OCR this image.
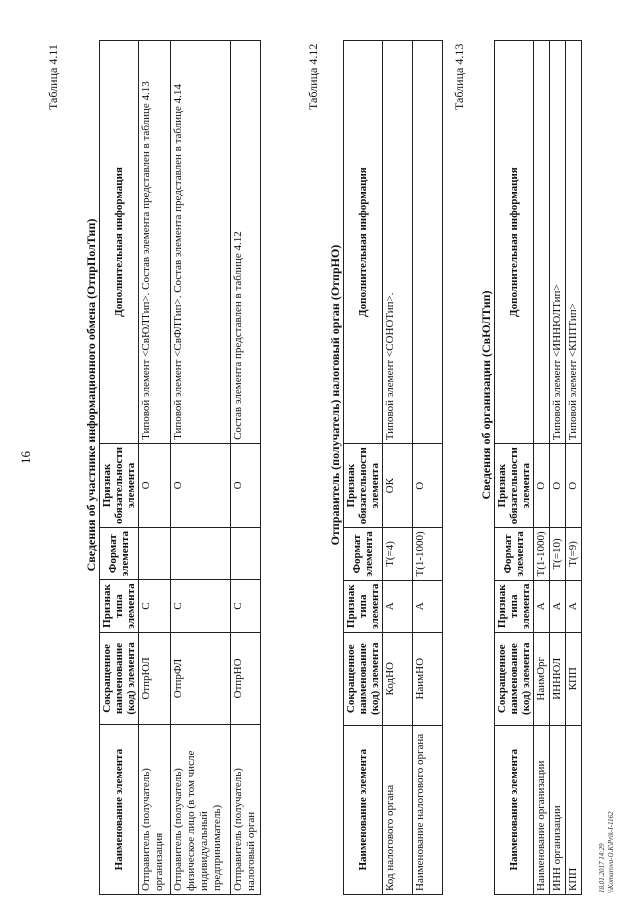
16
Таблица 4.11
Сведения об участнике информационного обмена (ОтпрПолТип)
Наименование элемента	Сокращенное наименование (код) элемента	Признак типа элемента	Формат элемента	Признак обязательности элемента	Дополнительная информация
Отправитель (получатель) организация	ОтпрЮЛ	С		О	Типовой элемент <СвЮЛТип>. Состав элемента представлен в таблице 4.13
Отправитель (получатель) физическое лицо (в том числе индивидуальный предприниматель)	ОтпрФЛ	С		О	Типовой элемент <СвФЛТип>. Состав элемента представлен в таблице 4.14
Отправитель (получатель) налоговый орган	ОтпрНО	С		О	Состав элемента представлен в таблице 4.12
Таблица 4.12
Отправитель (получатель) налоговый орган (ОтпрНО)
Наименование элемента	Сокращенное наименование (код) элемента	Признак типа элемента	Формат элемента	Признак обязательности элемента	Дополнительная информация
Код налогового органа	КодНО	А	Т(=4)	ОК	Типовой элемент <СОНОТип>.
Наименование налогового органа	НаимНО	А	Т(1-1000)	О	
Таблица 4.13
Сведения об организации (СвЮЛТип)
Наименование элемента	Сокращенное наименование (код) элемента	Признак типа элемента	Формат элемента	Признак обязательности элемента	Дополнительная информация
Наименование организации	НаимОрг	А	Т(1-1000)	О	
ИНН организации	ИННЮЛ	А	Т(=10)	О	Типовой элемент <ИННЮЛТип>
КПП	КПП	А	Т(=9)	О	Типовой элемент <КППТип>
18.01.2017 14:29 \\Komarova-O.K\Prik-I-1162
